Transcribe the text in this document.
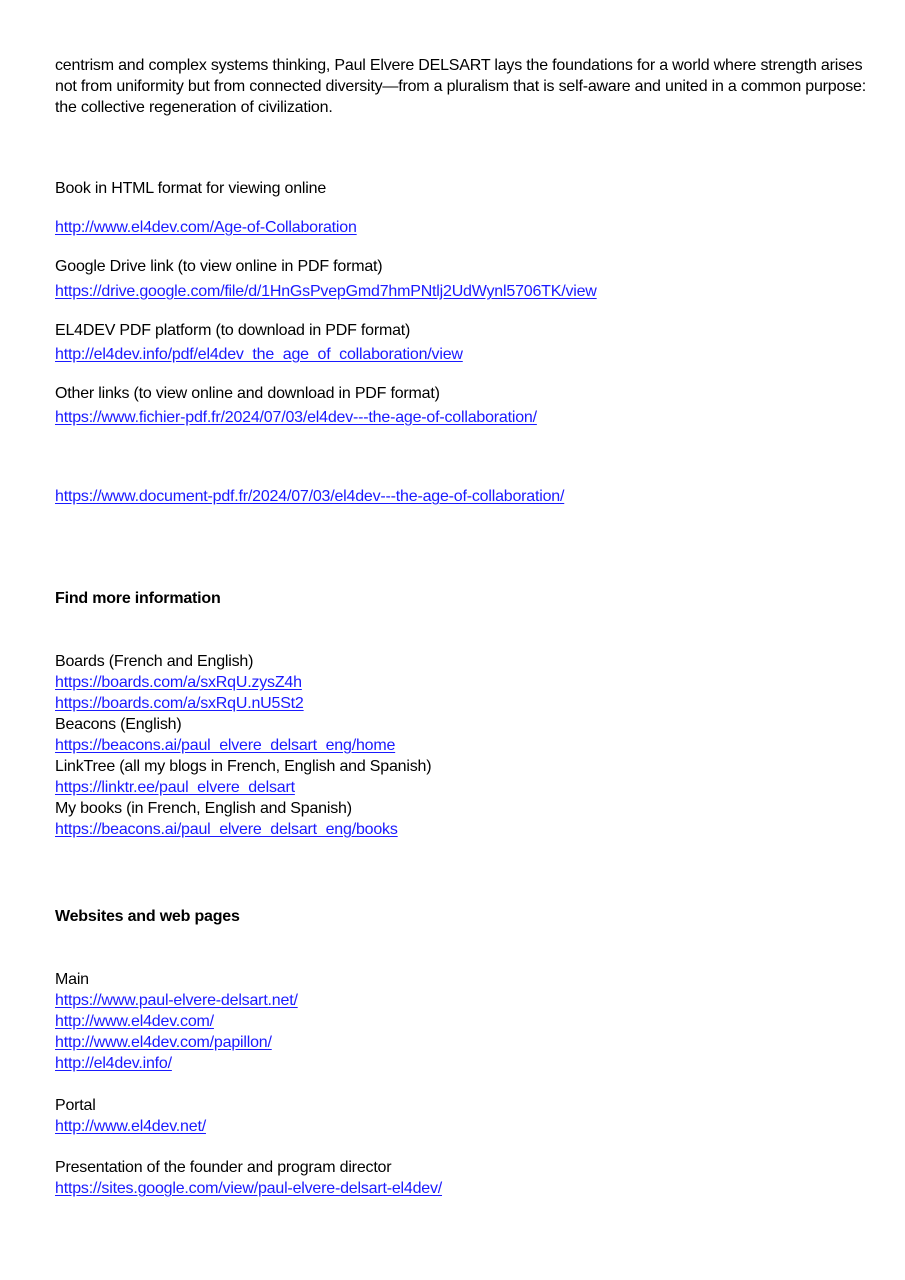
centrism and complex systems thinking, Paul Elvere DELSART lays the foundations for a world where strength arises
not from uniformity but from connected diversity—from a pluralism that is self-aware and united in a common purpose:
the collective regeneration of civilization.
Book in HTML format for viewing online
http://www.el4dev.com/Age-of-Collaboration
Google Drive link (to view online in PDF format)
https://drive.google.com/file/d/1HnGsPvepGmd7hmPNtlj2UdWynl5706TK/view
EL4DEV PDF platform (to download in PDF format)
http://el4dev.info/pdf/el4dev_the_age_of_collaboration/view
Other links (to view online and download in PDF format)
https://www.fichier-pdf.fr/2024/07/03/el4dev---the-age-of-collaboration/
https://www.document-pdf.fr/2024/07/03/el4dev---the-age-of-collaboration/
Find more information
Boards (French and English)
https://boards.com/a/sxRqU.zysZ4h
https://boards.com/a/sxRqU.nU5St2
Beacons (English)
https://beacons.ai/paul_elvere_delsart_eng/home
LinkTree (all my blogs in French, English and Spanish)
https://linktr.ee/paul_elvere_delsart
My books (in French, English and Spanish)
https://beacons.ai/paul_elvere_delsart_eng/books
Websites and web pages
Main
https://www.paul-elvere-delsart.net/
http://www.el4dev.com/
http://www.el4dev.com/papillon/
http://el4dev.info/
Portal
http://www.el4dev.net/
Presentation of the founder and program director
https://sites.google.com/view/paul-elvere-delsart-el4dev/
